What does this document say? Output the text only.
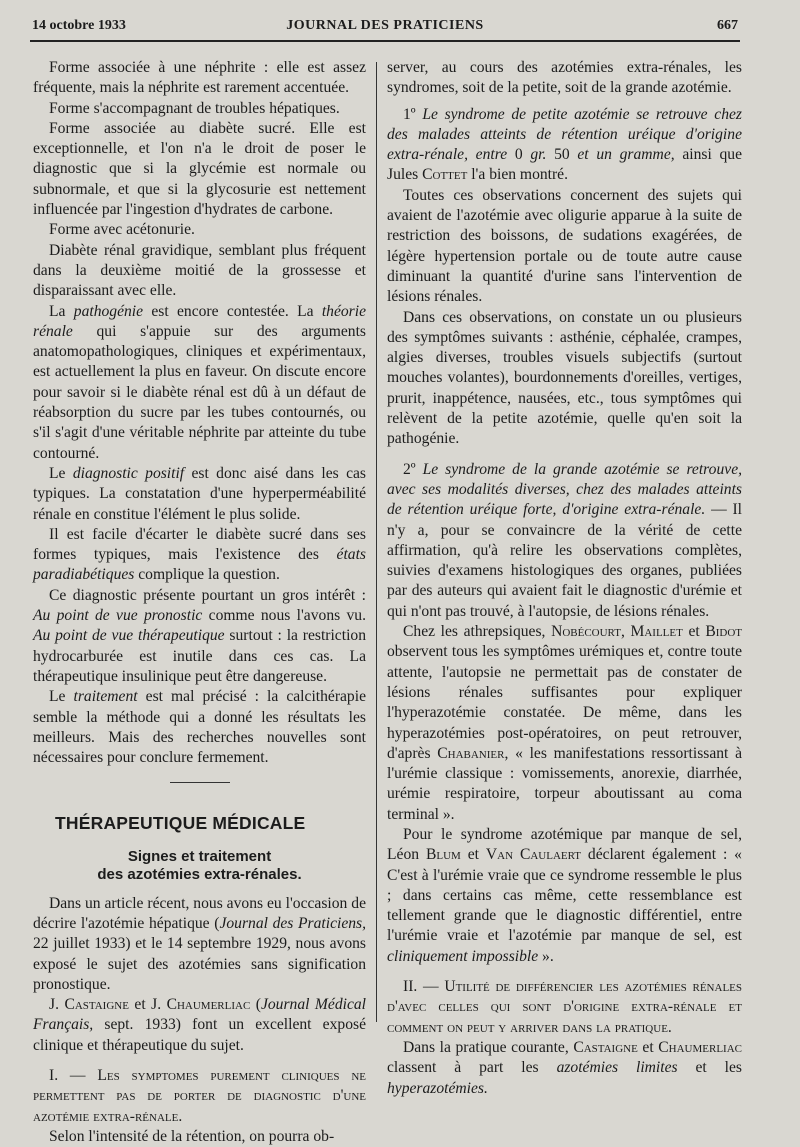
14 octobre 1933	JOURNAL DES PRATICIENS	667

Forme associée à une néphrite : elle est assez fréquente, mais la néphrite est rarement accentuée.

Forme s'accompagnant de troubles hépatiques.

Forme associée au diabète sucré. Elle est exceptionnelle, et l'on n'a le droit de poser le diagnostic que si la glycémie est normale ou subnormale, et que si la glycosurie est nettement influencée par l'ingestion d'hydrates de carbone.

Forme avec acétonurie.

Diabète rénal gravidique, semblant plus fréquent dans la deuxième moitié de la grossesse et disparaissant avec elle.

La pathogénie est encore contestée. La théorie rénale qui s'appuie sur des arguments anatomopathologiques, cliniques et expérimentaux, est actuellement la plus en faveur. On discute encore pour savoir si le diabète rénal est dû à un défaut de réabsorption du sucre par les tubes contournés, ou s'il s'agit d'une véritable néphrite par atteinte du tube contourné.

Le diagnostic positif est donc aisé dans les cas typiques. La constatation d'une hyperperméabilité rénale en constitue l'élément le plus solide.

Il est facile d'écarter le diabète sucré dans ses formes typiques, mais l'existence des états paradiabétiques complique la question.

Ce diagnostic présente pourtant un gros intérêt : Au point de vue pronostic comme nous l'avons vu. Au point de vue thérapeutique surtout : la restriction hydrocarburée est inutile dans ces cas. La thérapeutique insulinique peut être dangereuse.

Le traitement est mal précisé : la calcithérapie semble la méthode qui a donné les résultats les meilleurs. Mais des recherches nouvelles sont nécessaires pour conclure fermement.

THÉRAPEUTIQUE MÉDICALE
Signes et traitement
des azotémies extra-rénales.

Dans un article récent, nous avons eu l'occasion de décrire l'azotémie hépatique (Journal des Praticiens, 22 juillet 1933) et le 14 septembre 1929, nous avons exposé le sujet des azotémies sans signification pronostique.

J. Castaigne et J. Chaumerliac (Journal Médical Français, sept. 1933) font un excellent exposé clinique et thérapeutique du sujet.

I. — Les symptomes purement cliniques ne permettent pas de porter de diagnostic d'une azotémie extra-rénale.

Selon l'intensité de la rétention, on pourra ob-

server, au cours des azotémies extra-rénales, les syndromes, soit de la petite, soit de la grande azotémie.

1º Le syndrome de petite azotémie se retrouve chez des malades atteints de rétention uréique d'origine extra-rénale, entre 0 gr. 50 et un gramme, ainsi que Jules Cottet l'a bien montré.

Toutes ces observations concernent des sujets qui avaient de l'azotémie avec oligurie apparue à la suite de restriction des boissons, de sudations exagérées, de légère hypertension portale ou de toute autre cause diminuant la quantité d'urine sans l'intervention de lésions rénales.

Dans ces observations, on constate un ou plusieurs des symptômes suivants : asthénie, céphalée, crampes, algies diverses, troubles visuels subjectifs (surtout mouches volantes), bourdonnements d'oreilles, vertiges, prurit, inappétence, nausées, etc., tous symptômes qui relèvent de la petite azotémie, quelle qu'en soit la pathogénie.

2º Le syndrome de la grande azotémie se retrouve, avec ses modalités diverses, chez des malades atteints de rétention uréique forte, d'origine extra-rénale. — Il n'y a, pour se convaincre de la vérité de cette affirmation, qu'à relire les observations complètes, suivies d'examens histologiques des organes, publiées par des auteurs qui avaient fait le diagnostic d'urémie et qui n'ont pas trouvé, à l'autopsie, de lésions rénales.

Chez les athrepsiques, Nobécourt, Maillet et Bidot observent tous les symptômes urémiques et, contre toute attente, l'autopsie ne permettait pas de constater de lésions rénales suffisantes pour expliquer l'hyperazotémie constatée. De même, dans les hyperazotémies post-opératoires, on peut retrouver, d'après Chabanier, « les manifestations ressortissant à l'urémie classique : vomissements, anorexie, diarrhée, urémie respiratoire, torpeur aboutissant au coma terminal ».

Pour le syndrome azotémique par manque de sel, Léon Blum et Van Caulaert déclarent également : « C'est à l'urémie vraie que ce syndrome ressemble le plus ; dans certains cas même, cette ressemblance est tellement grande que le diagnostic différentiel, entre l'urémie vraie et l'azotémie par manque de sel, est cliniquement impossible ».

II. — Utilité de différencier les azotémies rénales d'avec celles qui sont d'origine extra-rénale et comment on peut y arriver dans la pratique.

Dans la pratique courante, Castaigne et Chaumerliac classent à part les azotémies limites et les hyperazotémies.
